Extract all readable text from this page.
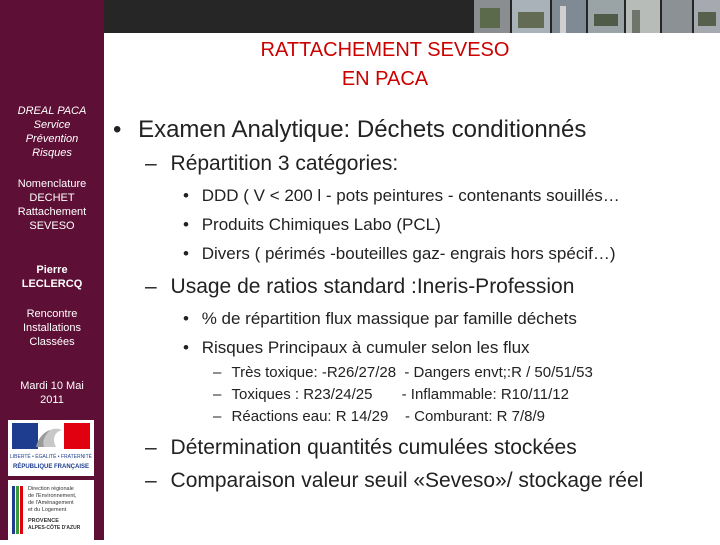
DREAL PACA
Service
Prévention
Risques
Nomenclature
DECHET
Rattachement
SEVESO
Pierre
LECLERCQ
Rencontre
Installations
Classées
Mardi 10 Mai
2011
LIBERTÉ • ÉGALITÉ • FRATERNITÉ
RÉPUBLIQUE FRANÇAISE
Direction régionale
de l'Environnement,
de l'Aménagement
et du Logement
PROVENCE
ALPES-CÔTE D'AZUR
RATTACHEMENT SEVESO
EN PACA
• Examen Analytique: Déchets conditionnés
– Répartition 3 catégories:
• DDD ( V < 200 l - pots peintures - contenants souillés…
• Produits Chimiques Labo (PCL)
• Divers ( périmés -bouteilles gaz- engrais hors spécif…)
– Usage de ratios standard :Ineris-Profession
• % de répartition flux massique par famille déchets
• Risques Principaux à cumuler selon les flux
– Très toxique: -R26/27/28  - Dangers envt;:R / 50/51/53
– Toxiques : R23/24/25       - Inflammable: R10/11/12
– Réactions eau: R 14/29    - Comburant: R 7/8/9
– Détermination quantités cumulées stockées
– Comparaison valeur seuil «Seveso»/ stockage réel
